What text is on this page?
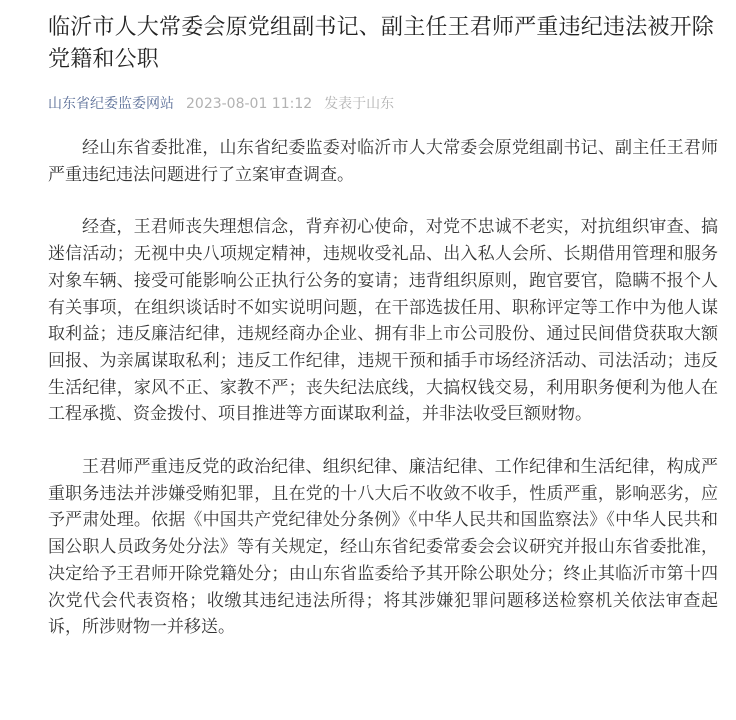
临沂市人大常委会原党组副书记、副主任王君师严重违纪违法被开除党籍和公职
山东省纪委监委网站 2023-08-01 11:12 发表于山东

经山东省委批准，山东省纪委监委对临沂市人大常委会原党组副书记、副主任王君师严重违纪违法问题进行了立案审查调查。

经查，王君师丧失理想信念，背弃初心使命，对党不忠诚不老实，对抗组织审查、搞迷信活动；无视中央八项规定精神，违规收受礼品、出入私人会所、长期借用管理和服务对象车辆、接受可能影响公正执行公务的宴请；违背组织原则，跑官要官，隐瞒不报个人有关事项，在组织谈话时不如实说明问题，在干部选拔任用、职称评定等工作中为他人谋取利益；违反廉洁纪律，违规经商办企业、拥有非上市公司股份、通过民间借贷获取大额回报、为亲属谋取私利；违反工作纪律，违规干预和插手市场经济活动、司法活动；违反生活纪律，家风不正、家教不严；丧失纪法底线，大搞权钱交易，利用职务便利为他人在工程承揽、资金拨付、项目推进等方面谋取利益，并非法收受巨额财物。

王君师严重违反党的政治纪律、组织纪律、廉洁纪律、工作纪律和生活纪律，构成严重职务违法并涉嫌受贿犯罪，且在党的十八大后不收敛不收手，性质严重，影响恶劣，应予严肃处理。依据《中国共产党纪律处分条例》《中华人民共和国监察法》《中华人民共和国公职人员政务处分法》等有关规定，经山东省纪委常委会会议研究并报山东省委批准，决定给予王君师开除党籍处分；由山东省监委给予其开除公职处分；终止其临沂市第十四次党代会代表资格；收缴其违纪违法所得；将其涉嫌犯罪问题移送检察机关依法审查起诉，所涉财物一并移送。
